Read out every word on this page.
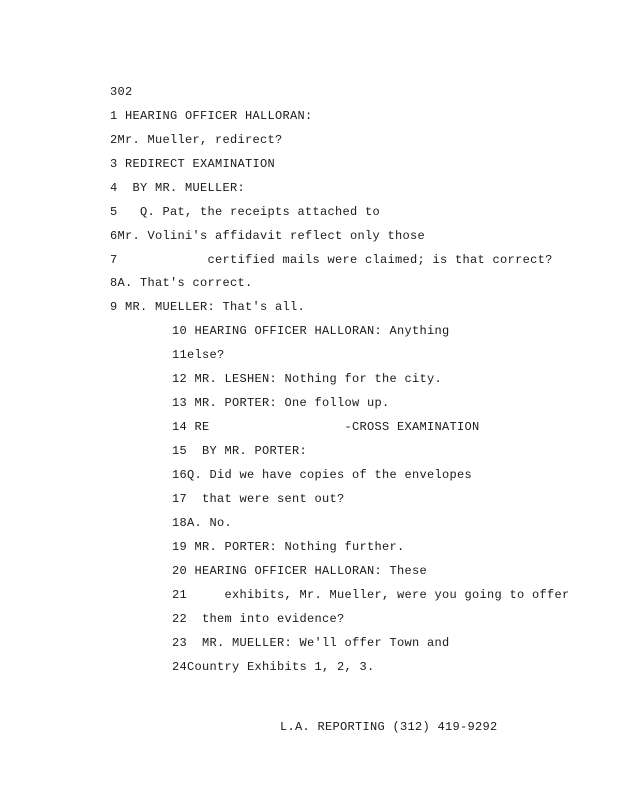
302
1 HEARING OFFICER HALLORAN:
2Mr. Mueller, redirect?
3 REDIRECT EXAMINATION
4  BY MR. MUELLER:
5   Q. Pat, the receipts attached to
6Mr. Volini's affidavit reflect only those
7            certified mails were claimed; is that correct?
8A. That's correct.
9 MR. MUELLER: That's all.
10 HEARING OFFICER HALLORAN: Anything
11else?
12 MR. LESHEN: Nothing for the city.
13 MR. PORTER: One follow up.
14 RE                  -CROSS EXAMINATION
15  BY MR. PORTER:
16Q. Did we have copies of the envelopes
17  that were sent out?
18A. No.
19 MR. PORTER: Nothing further.
20 HEARING OFFICER HALLORAN: These
21     exhibits, Mr. Mueller, were you going to offer
22  them into evidence?
23  MR. MUELLER: We'll offer Town and
24Country Exhibits 1, 2, 3.
L.A. REPORTING (312) 419-9292
